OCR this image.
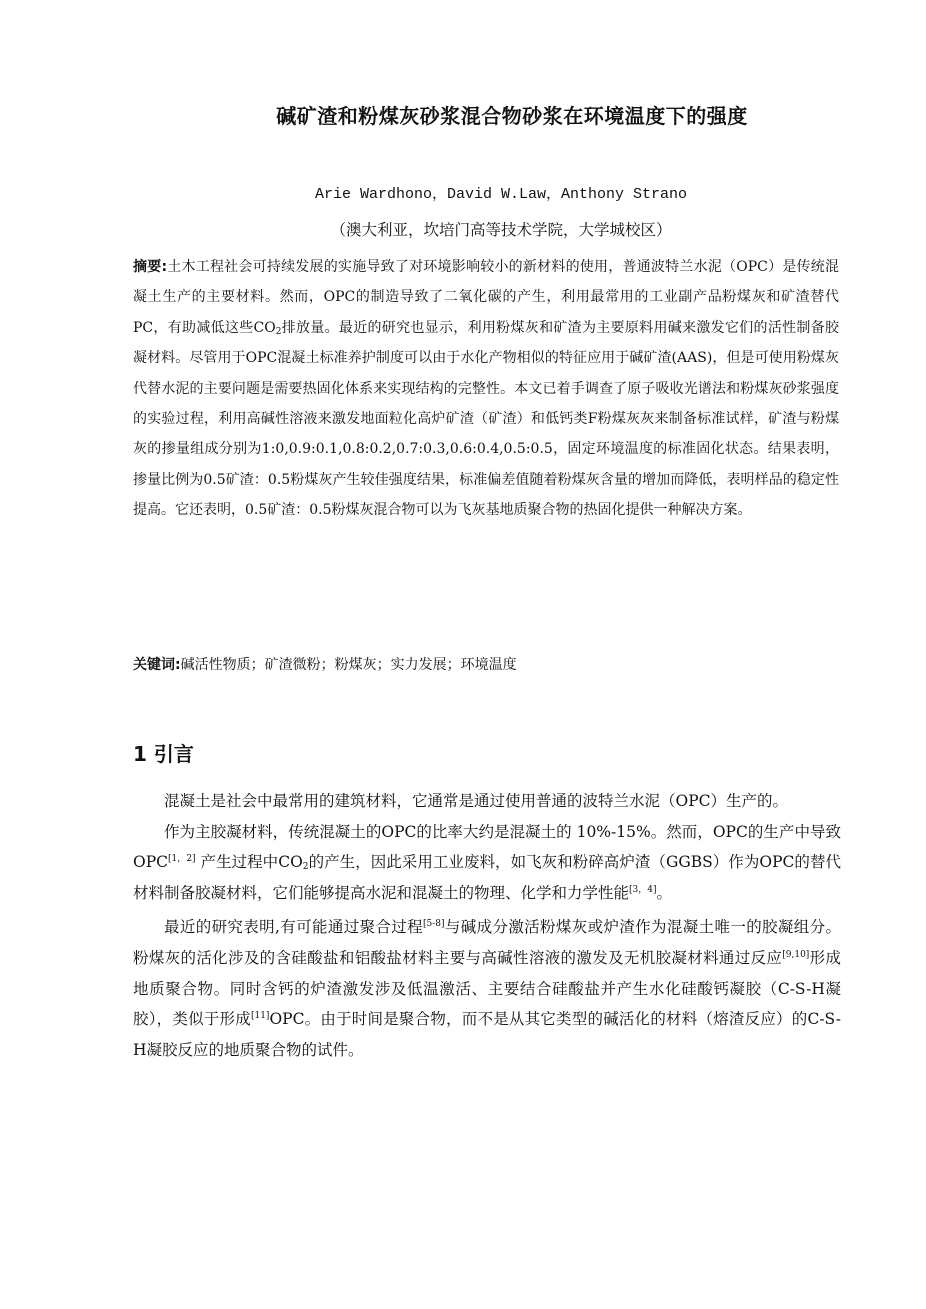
碱矿渣和粉煤灰砂浆混合物砂浆在环境温度下的强度
Arie Wardhono，David W.Law，Anthony Strano
（澳大利亚，坎培门高等技术学院，大学城校区）
摘要:土木工程社会可持续发展的实施导致了对环境影响较小的新材料的使用，普通波特兰水泥（OPC）是传统混凝土生产的主要材料。然而，OPC的制造导致了二氧化碳的产生，利用最常用的工业副产品粉煤灰和矿渣替代 PC，有助减低这些$CO_2$排放量。最近的研究也显示，利用粉煤灰和矿渣为主要原料用碱来激发它们的活性制备胶凝材料。尽管用于OPC混凝土标准养护制度可以由于水化产物相似的特征应用于碱矿渣(AAS)，但是可使用粉煤灰代替水泥的主要问题是需要热固化体系来实现结构的完整性。本文已着手调查了原子吸收光谱法和粉煤灰砂浆强度的实验过程，利用高碱性溶液来激发地面粒化高炉矿渣（矿渣）和低钙类F粉煤灰灰来制备标准试样，矿渣与粉煤灰的掺量组成分别为1:0,0.9:0.1,0.8:0.2,0.7:0.3,0.6:0.4,0.5:0.5，固定环境温度的标准固化状态。结果表明，掺量比例为0.5矿渣：0.5粉煤灰产生较佳强度结果，标准偏差值随着粉煤灰含量的增加而降低，表明样品的稳定性提高。它还表明，0.5矿渣：0.5粉煤灰混合物可以为飞灰基地质聚合物的热固化提供一种解决方案。
关键词:碱活性物质；矿渣微粉；粉煤灰；实力发展；环境温度
1 引言

混凝土是社会中最常用的建筑材料，它通常是通过使用普通的波特兰水泥（OPC）生产的。

作为主胶凝材料，传统混凝土的OPC的比率大约是混凝土的 10%-15%。然而，OPC的生产中导致OPC[1，2] 产生过程中$CO_2$的产生，因此采用工业废料，如飞灰和粉碎高炉渣（GGBS）作为OPC的替代材料制备胶凝材料，它们能够提高水泥和混凝土的物理、化学和力学性能[3，4]。

最近的研究表明,有可能通过聚合过程[5-8]与碱成分激活粉煤灰或炉渣作为混凝土唯一的胶凝组分。粉煤灰的活化涉及的含硅酸盐和铝酸盐材料主要与高碱性溶液的激发及无机胶凝材料通过反应[9,10]形成地质聚合物。同时含钙的炉渣激发涉及低温激活、主要结合硅酸盐并产生水化硅酸钙凝胶（C-S-H凝胶），类似于形成[11]OPC。由于时间是聚合物，而不是从其它类型的碱活化的材料（熔渣反应）的C-S-H凝胶反应的地质聚合物的试件。
